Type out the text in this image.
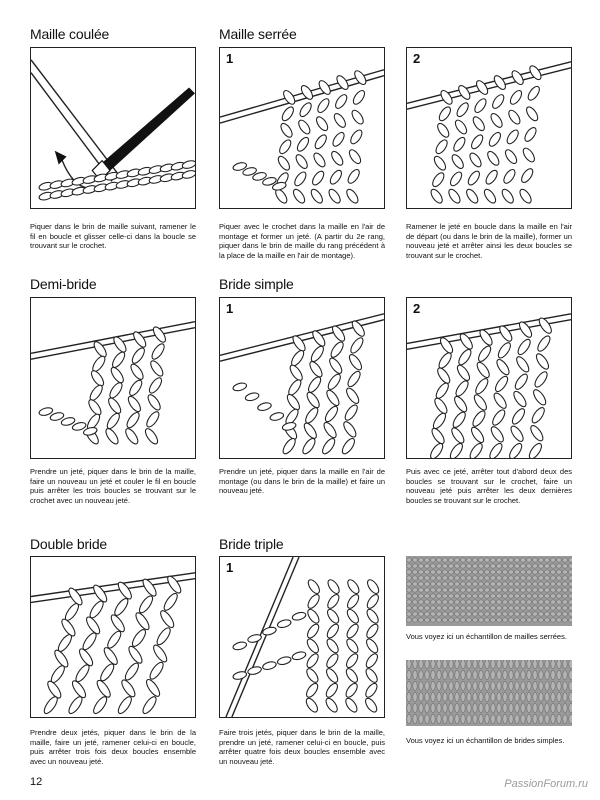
Maille coulée	Maille serrée
1	2
Piquer dans le brin de maille suivant, ramener le fil en boucle et glisser celle-ci dans la boucle se trouvant sur le crochet.
Piquer avec le crochet dans la maille en l'air de montage et former un jeté. (A partir du 2e rang, piquer dans le brin de maille du rang précédent à la place de la maille en l'air de montage).
Ramener le jeté en boucle dans la maille en l'air de départ (ou dans le brin de la maille), former un nouveau jeté et arrêter ainsi les deux boucles se trouvant sur le crochet.
Demi-bride	Bride simple
1	2
Prendre un jeté, piquer dans le brin de la maille, faire un nouveau un jeté et couler le fil en boucle puis arrêter les trois boucles se trouvant sur le crochet avec un nouveau jeté.
Prendre un jeté, piquer dans la maille en l'air de montage (ou dans le brin de la maille) et faire un nouveau jeté.
Puis avec ce jeté, arrêter tout d'abord deux des boucles se trouvant sur le crochet, faire un nouveau jeté puis arrêter les deux dernières boucles se trouvant sur le crochet.
Double bride	Bride triple
1
Vous voyez ici un échantillon de mailles serrées.
Vous voyez ici un échantillon de brides simples.
Prendre deux jetés, piquer dans le brin de la maille, faire un jeté, ramener celui-ci en boucle, puis arrêter trois fois deux boucles ensemble avec un nouveau jeté.
Faire trois jetés, piquer dans le brin de la maille, prendre un jeté, ramener celui-ci en boucle, puis arrêter quatre fois deux boucles ensemble avec un nouveau jeté.
12	PassionForum.ru
